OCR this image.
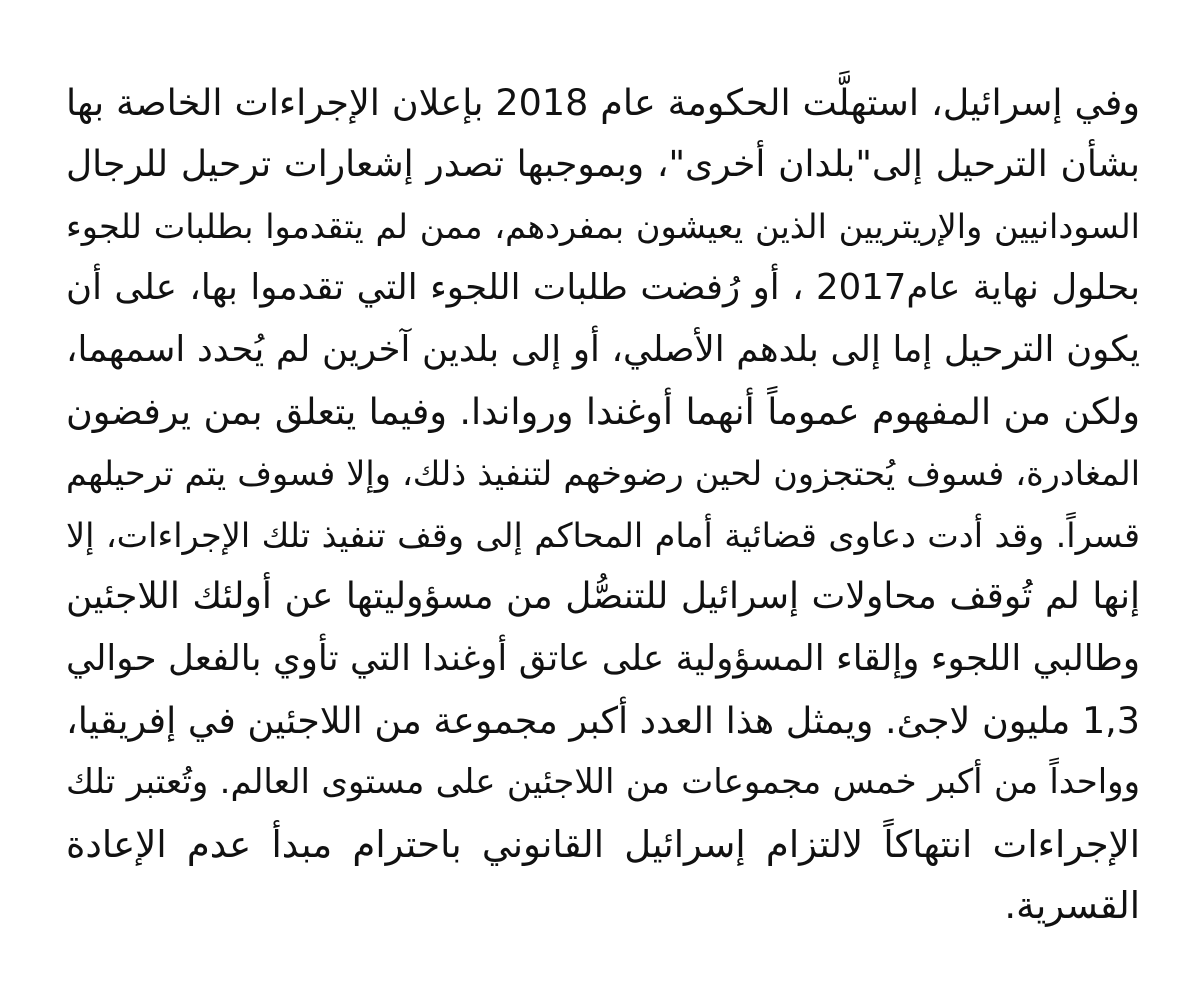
وفي إسرائيل، استهلَّت الحكومة عام 2018 بإعلان الإجراءات الخاصة بها
بشأن الترحيل إلى"بلدان أخرى"، وبموجبها تصدر إشعارات ترحيل للرجال
السودانيين والإريتريين الذين يعيشون بمفردهم، ممن لم يتقدموا بطلبات للجوء
بحلول نهاية عام2017 ، أو رُفضت طلبات اللجوء التي تقدموا بها، على أن
يكون الترحيل إما إلى بلدهم الأصلي، أو إلى بلدين آخرين لم يُحدد اسمهما،
ولكن من المفهوم عموماً أنهما أوغندا ورواندا. وفيما يتعلق بمن يرفضون
المغادرة، فسوف يُحتجزون لحين رضوخهم لتنفيذ ذلك، وإلا فسوف يتم ترحيلهم
قسراً. وقد أدت دعاوى قضائية أمام المحاكم إلى وقف تنفيذ تلك الإجراءات، إلا
إنها لم تُوقف محاولات إسرائيل للتنصُّل من مسؤوليتها عن أولئك اللاجئين
وطالبي اللجوء وإلقاء المسؤولية على عاتق أوغندا التي تأوي بالفعل حوالي
1,3 مليون لاجئ. ويمثل هذا العدد أكبر مجموعة من اللاجئين في إفريقيا،
وواحداً من أكبر خمس مجموعات من اللاجئين على مستوى العالم. وتُعتبر تلك
الإجراءات انتهاكاً لالتزام إسرائيل القانوني باحترام مبدأ عدم الإعادة
القسرية.
